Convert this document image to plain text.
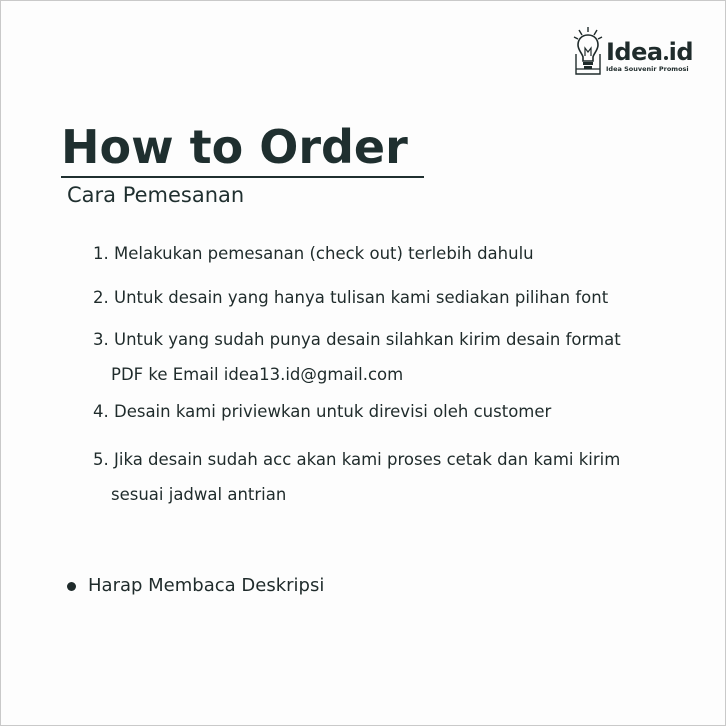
Idea id
Idea Souvenir Promosi
How to Order
Cara Pemesanan
1. Melakukan pemesanan (check out) terlebih dahulu
2. Untuk desain yang hanya tulisan kami sediakan pilihan font
3. Untuk yang sudah punya desain silahkan kirim desain format
PDF ke Email idea13.id@gmail.com
4. Desain kami priviewkan untuk direvisi oleh customer
5. Jika desain sudah acc akan kami proses cetak dan kami kirim
sesuai jadwal antrian
Harap Membaca Deskripsi
